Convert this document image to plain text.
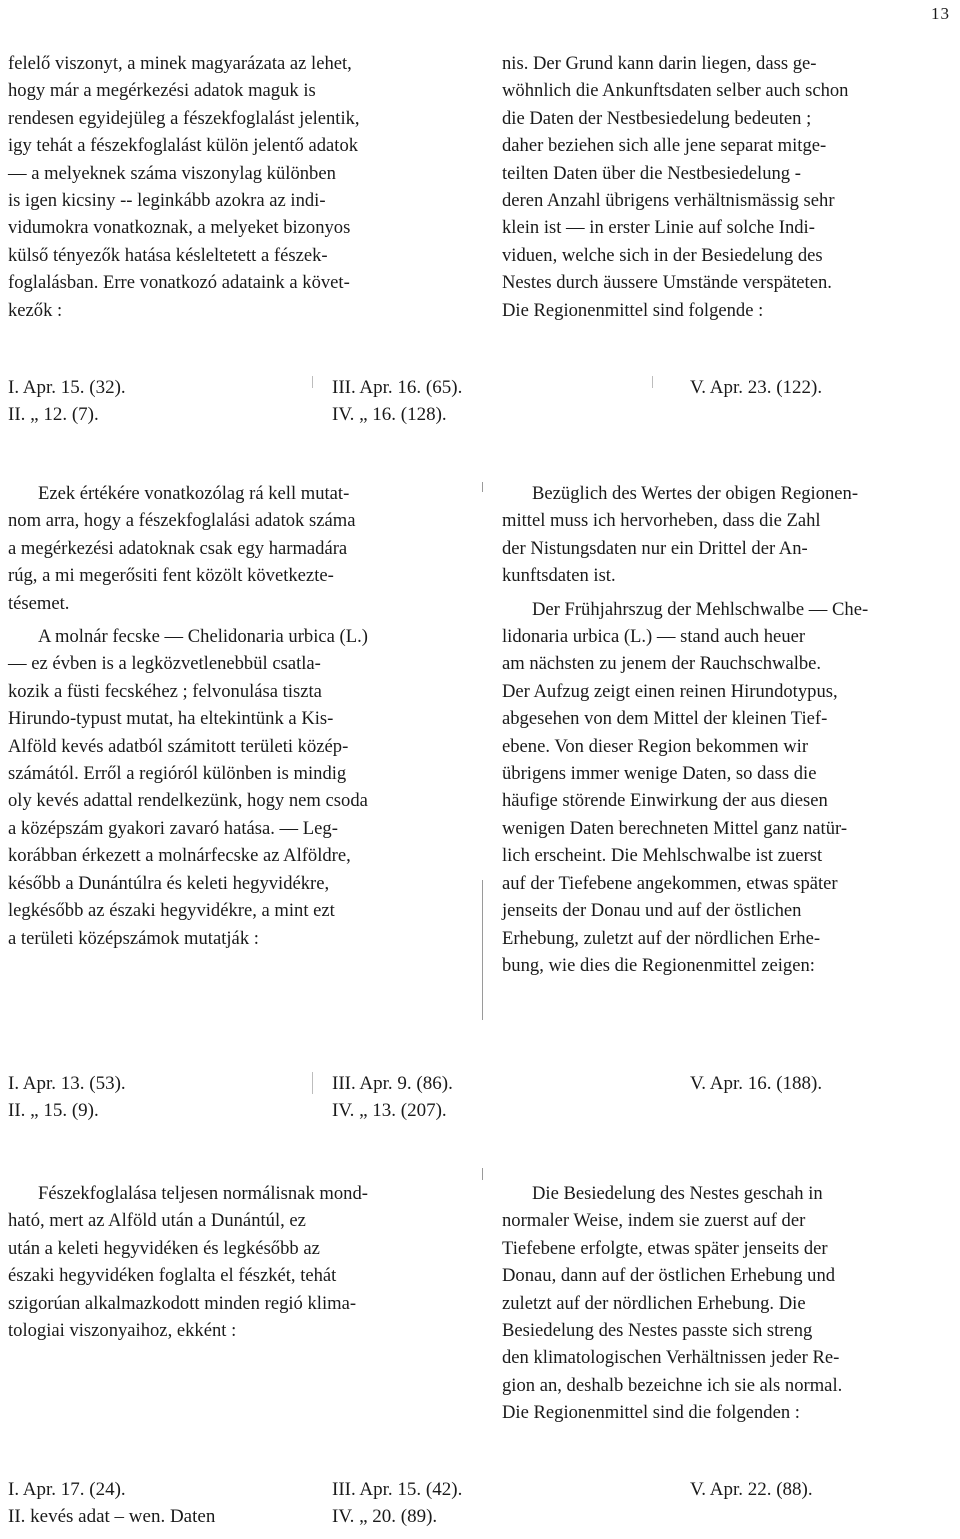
13
felelő viszonyt, a minek magyarázata az lehet,
hogy már a megérkezési adatok maguk is
rendesen egyidejüleg a fészekfoglalást jelentik,
igy tehát a fészekfoglalást külön jelentő adatok
— a melyeknek száma viszonylag különben
is igen kicsiny -- leginkább azokra az indi-
vidumokra vonatkoznak, a melyeket bizonyos
külső tényezők hatása késleltetett a fészek-
foglalásban. Erre vonatkozó adataink a követ-
kezők :
nis. Der Grund kann darin liegen, dass ge-
wöhnlich die Ankunftsdaten selber auch schon
die Daten der Nestbesiedelung bedeuten ;
daher beziehen sich alle jene separat mitge-
teilten Daten über die Nestbesiedelung -
deren Anzahl übrigens verhältnismässig sehr
klein ist — in erster Linie auf solche Indi-
viduen, welche sich in der Besiedelung des
Nestes durch äussere Umstände verspäteten.
Die Regionenmittel sind folgende :
I. Apr. 15. (32).
II. „ 12. (7).
III. Apr. 16. (65).
IV. „ 16. (128).
V. Apr. 23. (122).
Ezek értékére vonatkozólag rá kell mutat-
nom arra, hogy a fészekfoglalási adatok száma
a megérkezési adatoknak csak egy harmadára
rúg, a mi megerősiti fent közölt következte-
tésemet.
A molnár fecske — Chelidonaria urbica (L.)
— ez évben is a legközvetlenebbül csatla-
kozik a füsti fecskéhez ; felvonulása tiszta
Hirundo-typust mutat, ha eltekintünk a Kis-
Alföld kevés adatból számitott területi közép-
számától. Erről a regióról különben is mindig
oly kevés adattal rendelkezünk, hogy nem csoda
a középszám gyakori zavaró hatása. — Leg-
korábban érkezett a molnárfecske az Alföldre,
később a Dunántúlra és keleti hegyvidékre,
legkésőbb az északi hegyvidékre, a mint ezt
a területi középszámok mutatják :
Bezüglich des Wertes der obigen Regionen-
mittel muss ich hervorheben, dass die Zahl
der Nistungsdaten nur ein Drittel der An-
kunftsdaten ist.
Der Frühjahrszug der Mehlschwalbe — Che-
lidonaria urbica (L.) — stand auch heuer
am nächsten zu jenem der Rauchschwalbe.
Der Aufzug zeigt einen reinen Hirundotypus,
abgesehen von dem Mittel der kleinen Tief-
ebene. Von dieser Region bekommen wir
übrigens immer wenige Daten, so dass die
häufige störende Einwirkung der aus diesen
wenigen Daten berechneten Mittel ganz natür-
lich erscheint. Die Mehlschwalbe ist zuerst
auf der Tiefebene angekommen, etwas später
jenseits der Donau und auf der östlichen
Erhebung, zuletzt auf der nördlichen Erhe-
bung, wie dies die Regionenmittel zeigen:
I. Apr. 13. (53).
II. „ 15. (9).
III. Apr. 9. (86).
IV. „ 13. (207).
V. Apr. 16. (188).
Fészekfoglalása teljesen normálisnak mond-
ható, mert az Alföld után a Dunántúl, ez
után a keleti hegyvidéken és legkésőbb az
északi hegyvidéken foglalta el fészkét, tehát
szigorúan alkalmazkodott minden regió klima-
tologiai viszonyaihoz, ekként :
Die Besiedelung des Nestes geschah in
normaler Weise, indem sie zuerst auf der
Tiefebene erfolgte, etwas später jenseits der
Donau, dann auf der östlichen Erhebung und
zuletzt auf der nördlichen Erhebung. Die
Besiedelung des Nestes passte sich streng
den klimatologischen Verhältnissen jeder Re-
gion an, deshalb bezeichne ich sie als normal.
Die Regionenmittel sind die folgenden :
I. Apr. 17. (24).
II. kevés adat – wen. Daten
III. Apr. 15. (42).
IV. „ 20. (89).
V. Apr. 22. (88).
